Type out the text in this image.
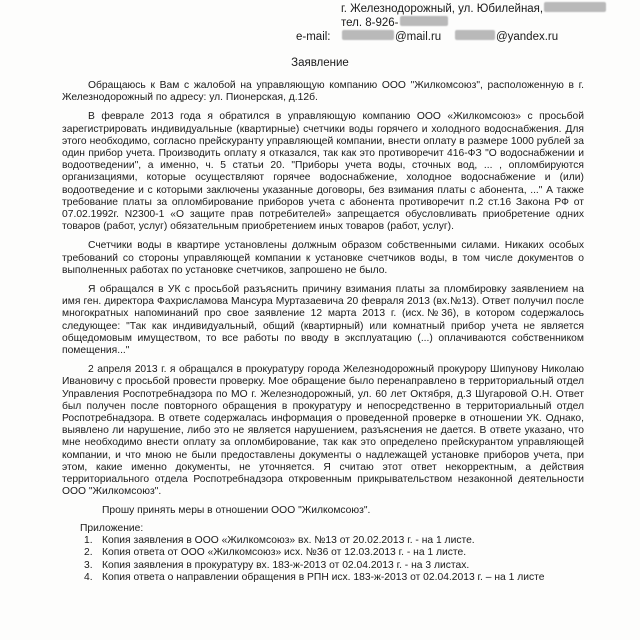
г. Железнодорожный, ул. Юбилейная,
тел.
8-926-
e-mail:	@mail.ru
	@yandex.ru
Заявление

Обращаюсь к Вам с жалобой на управляющую компанию ООО "Жилкомсоюз", расположенную в г. Железнодорожный по адресу: ул. Пионерская, д.12б.

В феврале 2013 года я обратился в управляющую компанию ООО «Жилкомсоюз» с просьбой зарегистрировать индивидуальные (квартирные) счетчики воды горячего и холодного водоснабжения. Для этого необходимо, согласно прейскуранту управляющей компании, внести оплату в размере 1000 рублей за один прибор учета. Производить оплату я отказался, так как это противоречит 416-ФЗ "О водоснабжении и водоотведении", а именно, ч. 5 статьи 20. "Приборы учета воды, сточных вод, ... , опломбируются организациями, которые осуществляют горячее водоснабжение, холодное водоснабжение и (или) водоотведение и с которыми заключены указанные договоры, без взимания платы с абонента, ..." А также требование платы за опломбирование приборов учета с абонента противоречит п.2 ст.16 Закона РФ от 07.02.1992г. N2300-1 «О защите прав потребителей» запрещается обусловливать приобретение одних товаров (работ, услуг) обязательным приобретением иных товаров (работ, услуг).

Счетчики воды в квартире установлены должным образом собственными силами. Никаких особых требований со стороны управляющей компании к установке счетчиков воды, в том числе документов о выполненных работах по установке счетчиков, запрошено не было.

Я обращался в УК с просьбой разъяснить причину взимания платы за пломбировку заявлением на имя ген. директора Фахрисламова Мансура Муртазаевича 20 февраля 2013 (вх.№13). Ответ получил после многократных напоминаний про свое заявление 12 марта 2013 г. (исх.№36), в котором содержалось следующее: "Так как индивидуальный, общий (квартирный) или комнатный прибор учета не является общедомовым имуществом, то все работы по вводу в эксплуатацию (...) оплачиваются собственником помещения..."

2 апреля 2013 г. я обращался в прокуратуру города Железнодорожный прокурору Шипунову Николаю Ивановичу с просьбой провести проверку. Мое обращение было перенаправлено в территориальный отдел Управления Роспотребнадзора по МО г. Железнодорожный, ул. 60 лет Октября, д.3 Шугаровой О.Н. Ответ был получен после повторного обращения в прокуратуру и непосредственно в территориальный отдел Роспотребнадзора. В ответе содержалась информация о проведенной проверке в отношении УК. Однако, выявлено ли нарушение, либо это не является нарушением, разъяснения не дается. В ответе указано, что мне необходимо внести оплату за опломбирование, так как это определено прейскурантом управляющей компании, и что мною не были предоставлены документы о надлежащей установке приборов учета, при этом, какие именно документы, не уточняется. Я считаю этот ответ некорректным, а действия территориального отдела Роспотребнадзора откровенным прикрывательством незаконной деятельности ООО "Жилкомсоюз".

Прошу принять меры в отношении ООО "Жилкомсоюз".

Приложение:
1. Копия заявления в ООО «Жилкомсоюз» вх. №13 от 20.02.2013 г. - на 1 листе.
2. Копия ответа от ООО «Жилкомсоюз» исх. №36 от 12.03.2013 г. - на 1 листе.
3. Копия заявления в прокуратуру вх. 183-ж-2013 от 02.04.2013 г. - на 3 листах.
4. Копия ответа о направлении обращения в РПН исх. 183-ж-2013 от 02.04.2013 г. – на 1 листе
